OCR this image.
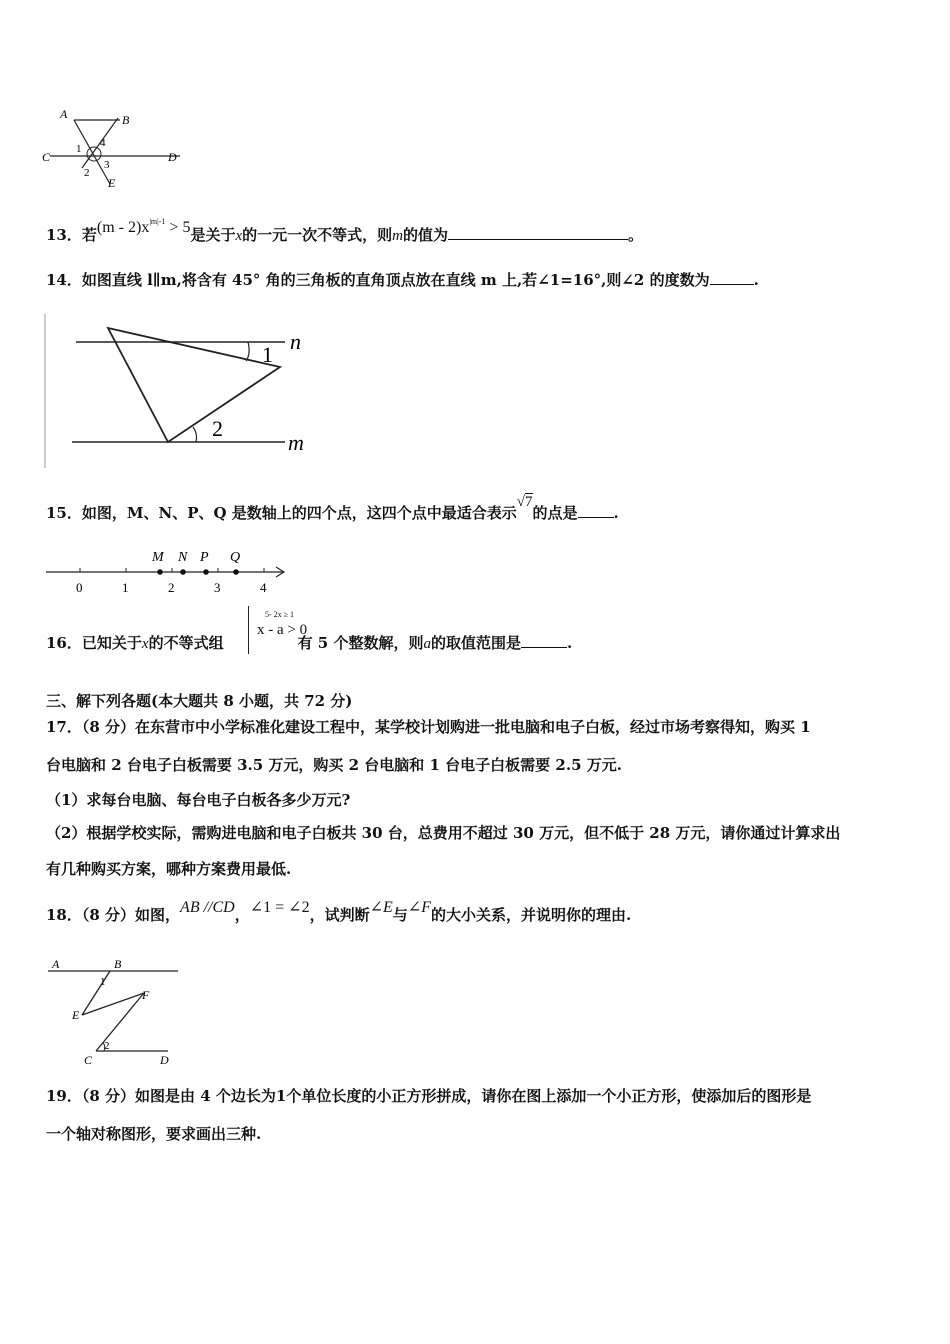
A	B
C	D
E
1
2
3
4
13．若$(m - 2)x^{|m|-1} > 5$是关于x的一元一次不等式，则m的值为	。
14．如图直线 l∥m,将含有 45° 角的三角板的直角顶点放在直线 m 上,若∠1=16°,则∠2 的度数为	.
n
m
1
2
15．如图，M、N、P、Q 是数轴上的四个点，这四个点中最适合表示√7的点是 .
0	1	2	3	4
M N P Q
16．已知关于x的不等式组	有 5 个整数解，则a的取值范围是	.
5- 2x ≥ 1
x - a > 0
三、解下列各题(本大题共 8 小题，共 72 分)
17．（8 分）在东营市中小学标准化建设工程中，某学校计划购进一批电脑和电子白板，经过市场考察得知，购买 1
台电脑和 2 台电子白板需要 3.5 万元，购买 2 台电脑和 1 台电子白板需要 2.5 万元.
（1）求每台电脑、每台电子白板各多少万元?
（2）根据学校实际，需购进电脑和电子白板共 30 台，总费用不超过 30 万元，但不低于 28 万元，请你通过计算求出
有几种购买方案，哪种方案费用最低.
18．（8 分）如图，AB //CD，∠1 = ∠2，试判断∠E与∠F的大小关系，并说明你的理由.
A	B
E
F
C	D
1
2
19．（8 分）如图是由 4 个边长为1个单位长度的小正方形拼成，请你在图上添加一个小正方形，使添加后的图形是
一个轴对称图形，要求画出三种.
